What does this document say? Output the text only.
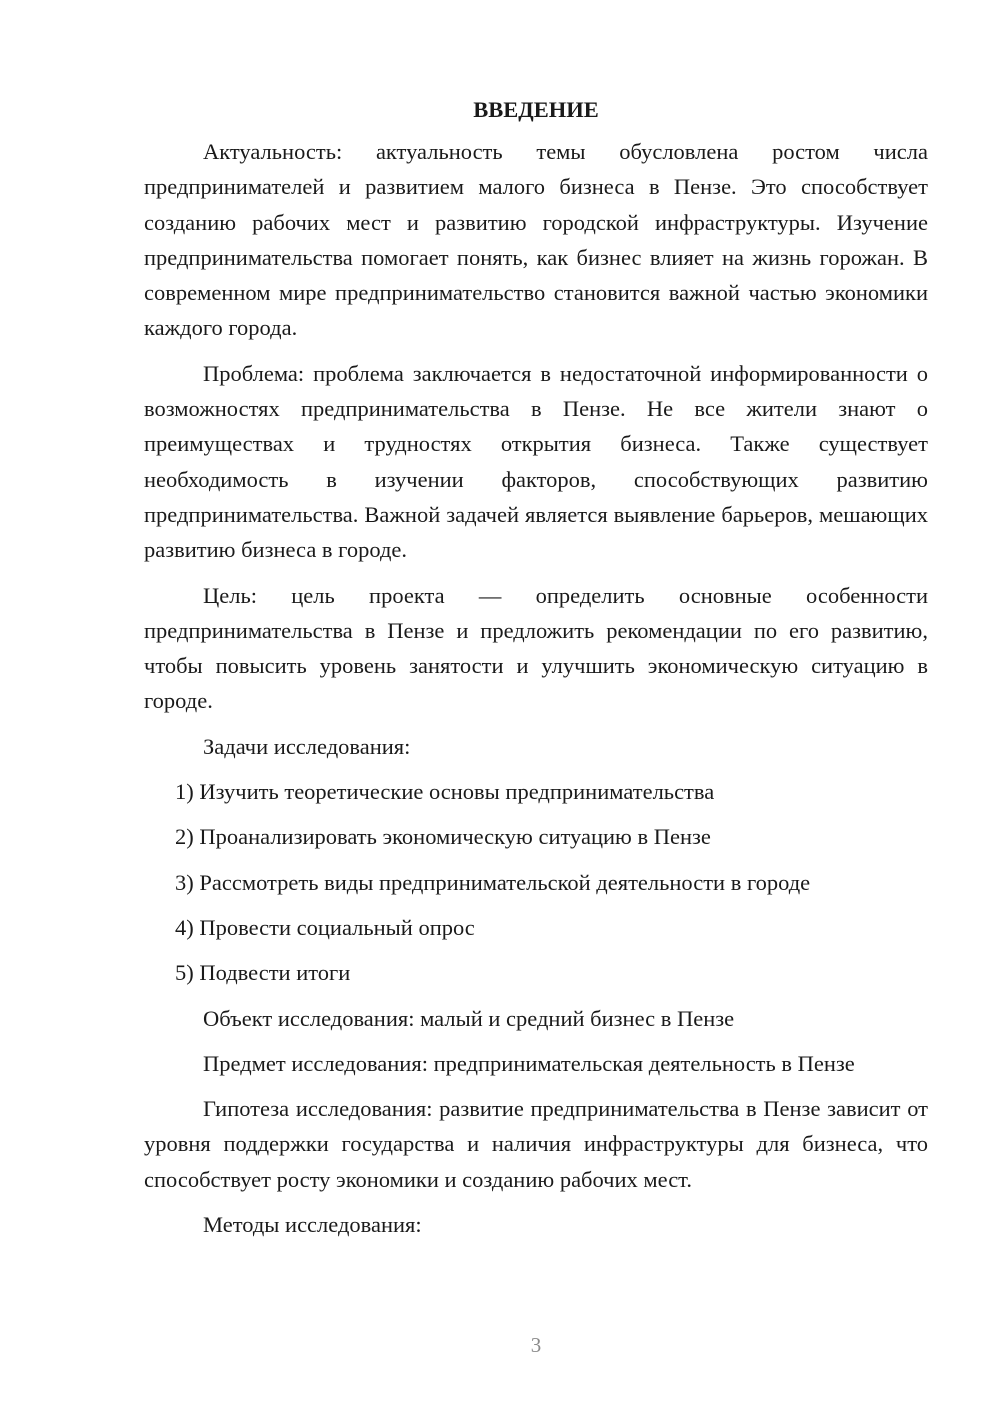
ВВЕДЕНИЕ

Актуальность: актуальность темы обусловлена ростом числа предпринимателей и развитием малого бизнеса в Пензе. Это способствует созданию рабочих мест и развитию городской инфраструктуры. Изучение предпринимательства помогает понять, как бизнес влияет на жизнь горожан. В современном мире предпринимательство становится важной частью экономики каждого города.

Проблема: проблема заключается в недостаточной информированности о возможностях предпринимательства в Пензе. Не все жители знают о преимуществах и трудностях открытия бизнеса. Также существует необходимость в изучении факторов, способствующих развитию предпринимательства. Важной задачей является выявление барьеров, мешающих развитию бизнеса в городе.

Цель: цель проекта — определить основные особенности предпринимательства в Пензе и предложить рекомендации по его развитию, чтобы повысить уровень занятости и улучшить экономическую ситуацию в городе.

Задачи исследования:
1) Изучить теоретические основы предпринимательства
2) Проанализировать экономическую ситуацию в Пензе
3) Рассмотреть виды предпринимательской деятельности в городе
4) Провести социальный опрос
5) Подвести итоги
Объект исследования: малый и средний бизнес в Пензе
Предмет исследования: предпринимательская деятельность в Пензе

Гипотеза исследования: развитие предпринимательства в Пензе зависит от уровня поддержки государства и наличия инфраструктуры для бизнеса, что способствует росту экономики и созданию рабочих мест.

Методы исследования:
3
